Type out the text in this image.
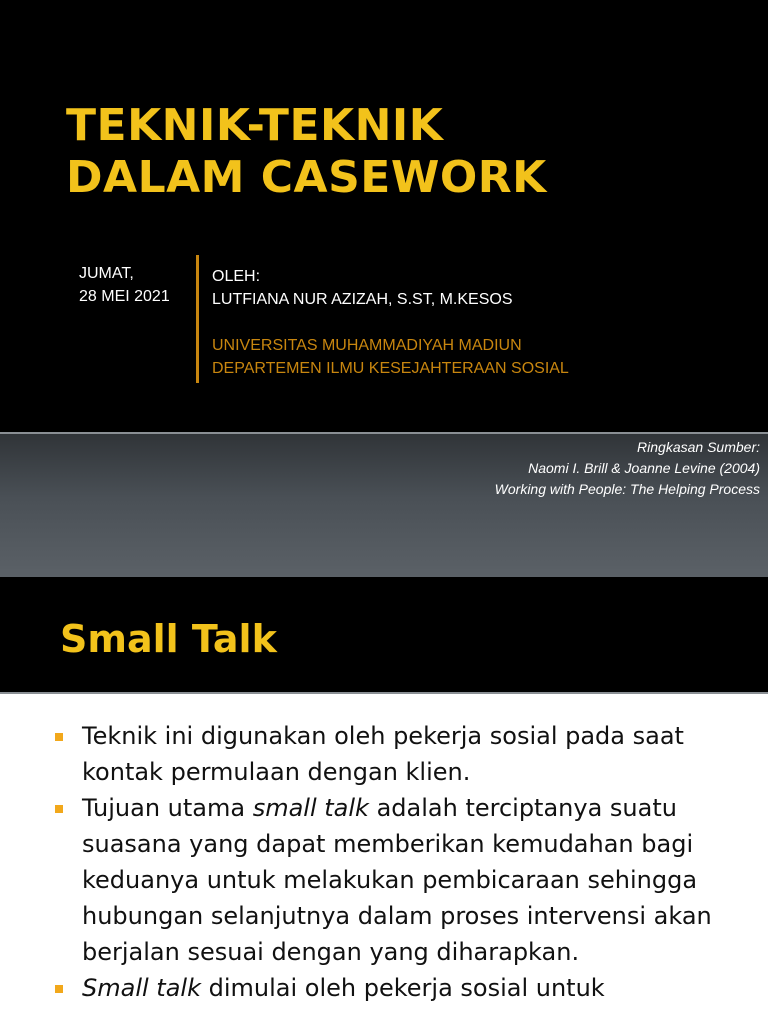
TEKNIK-TEKNIK
DALAM CASEWORK
JUMAT,
28 MEI 2021
OLEH:
LUTFIANA NUR AZIZAH, S.ST, M.KESOS
UNIVERSITAS MUHAMMADIYAH MADIUN
DEPARTEMEN ILMU KESEJAHTERAAN SOSIAL
Ringkasan Sumber:
Naomi I. Brill & Joanne Levine (2004)
Working with People: The Helping Process
Small Talk
Teknik ini digunakan oleh pekerja sosial pada saat kontak permulaan dengan klien.
Tujuan utama small talk adalah terciptanya suatu suasana yang dapat memberikan kemudahan bagi keduanya untuk melakukan pembicaraan sehingga hubungan selanjutnya dalam proses intervensi akan berjalan sesuai dengan yang diharapkan.
Small talk dimulai oleh pekerja sosial untuk
